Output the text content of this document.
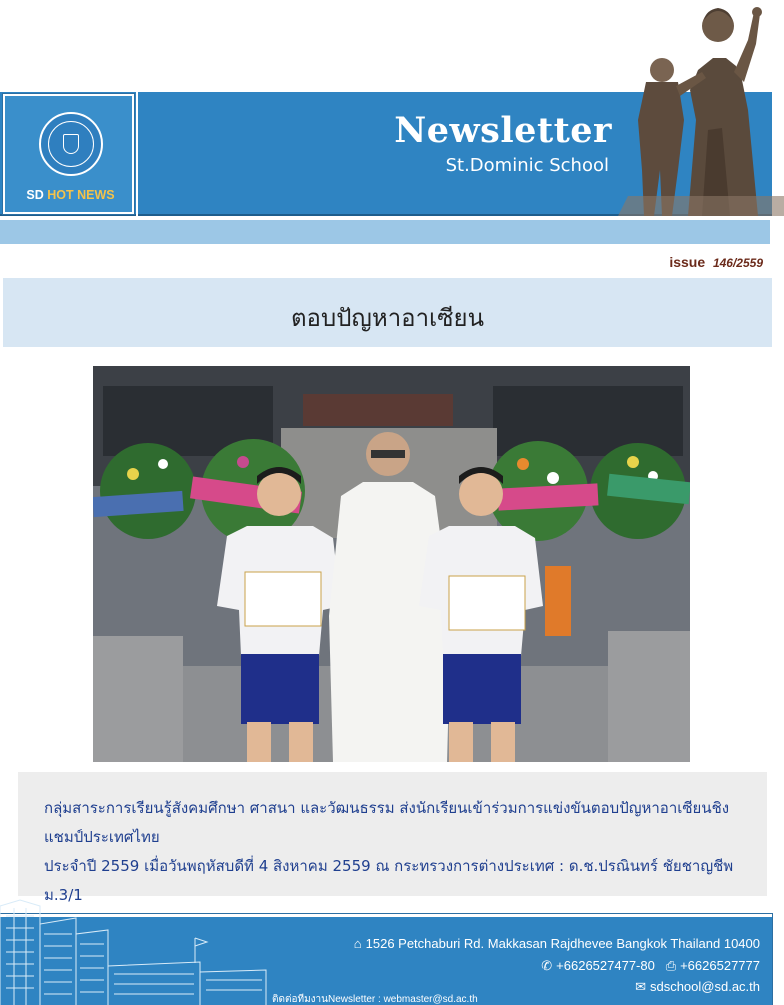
SD HOT NEWS
Newsletter
St.Dominic School
issue 146/2559
ตอบปัญหาอาเซียน
กลุ่มสาระการเรียนรู้สังคมศึกษา ศาสนา และวัฒนธรรม ส่งนักเรียนเข้าร่วมการแข่งขันตอบปัญหาอาเซียนชิงแชมป์ประเทศไทย
ประจำปี 2559 เมื่อวันพฤหัสบดีที่ 4 สิงหาคม 2559 ณ กระทรวงการต่างประเทศ : ด.ช.ปรณินทร์ ชัยชาญชีพ ม.3/1
⌂ 1526 Petchaburi Rd. Makkasan Rajdhevee Bangkok Thailand 10400
✆ +6626527477-80 ⎙ +6626527777
✉ sdschool@sd.ac.th
ติดต่อทีมงานNewsletter : webmaster@sd.ac.th
